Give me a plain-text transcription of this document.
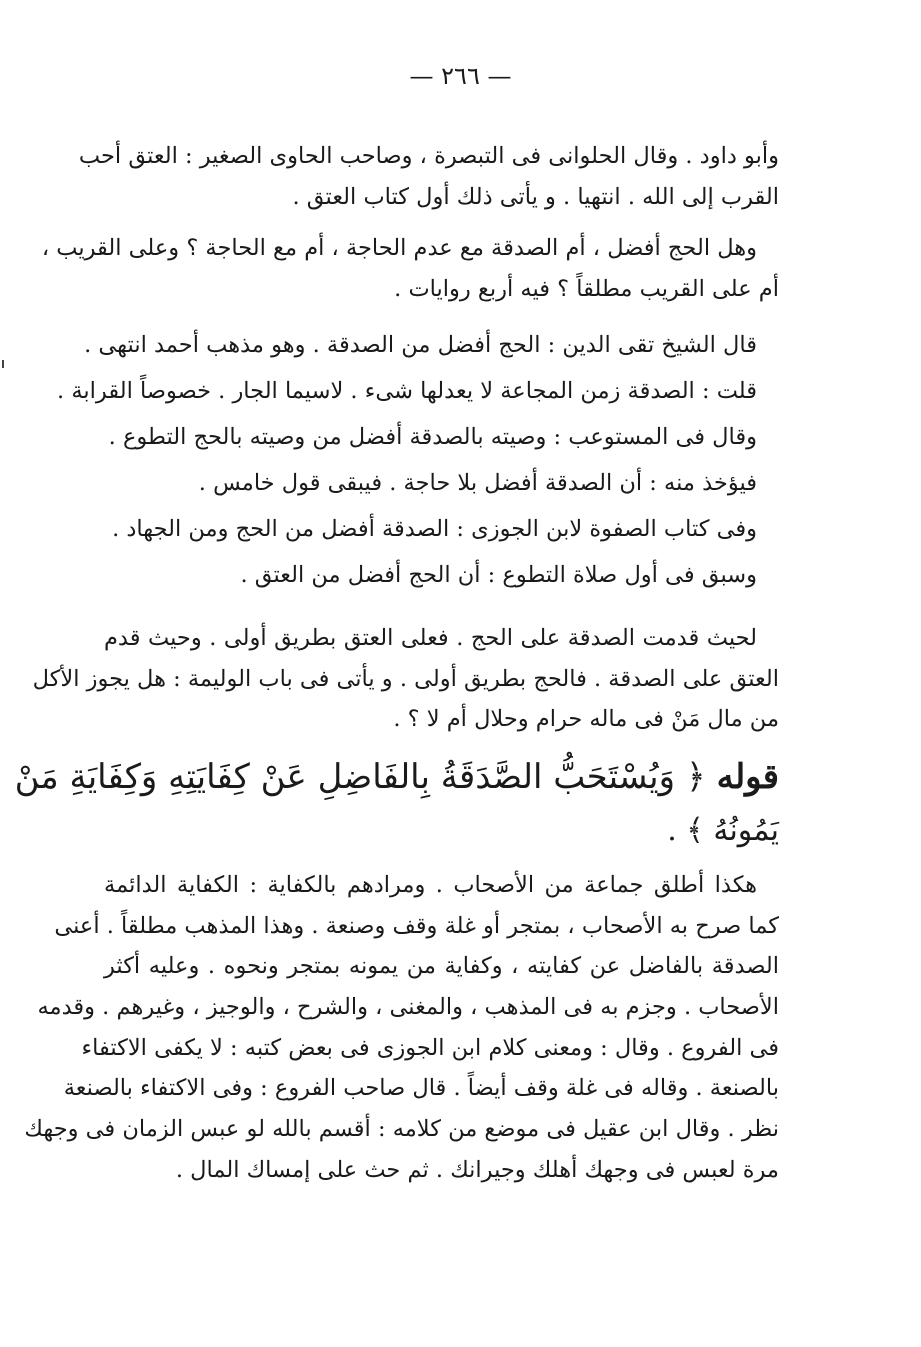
— ٢٦٦ —
وأبو داود . وقال الحلوانى فى التبصرة ، وصاحب الحاوى الصغير : العتق أحب
القرب إلى الله . انتهيا . و يأتى ذلك أول كتاب العتق .
وهل الحج أفضل ، أم الصدقة مع عدم الحاجة ، أم مع الحاجة ؟ وعلى القريب ،
أم على القريب مطلقاً ؟ فيه أربع روايات .
قال الشيخ تقى الدين : الحج أفضل من الصدقة . وهو مذهب أحمد انتهى .
قلت : الصدقة زمن المجاعة لا يعدلها شىء . لاسيما الجار . خصوصاً القرابة .
وقال فى المستوعب : وصيته بالصدقة أفضل من وصيته بالحج التطوع .
فيؤخذ منه : أن الصدقة أفضل بلا حاجة . فيبقى قول خامس .
وفى كتاب الصفوة لابن الجوزى : الصدقة أفضل من الحج ومن الجهاد .
وسبق فى أول صلاة التطوع : أن الحج أفضل من العتق .
لحيث قدمت الصدقة على الحج . فعلى العتق بطريق أولى . وحيث قدم
العتق على الصدقة . فالحج بطريق أولى . و يأتى فى باب الوليمة : هل يجوز الأكل
من مال مَنْ فى ماله حرام وحلال أم لا ؟ .
قوله ﴿ وَيُسْتَحَبُّ الصَّدَقَةُ بِالفَاضِلِ عَنْ كِفَايَتِهِ وَكِفَايَةِ مَنْ
يَمُونُهُ ﴾ .
هكذا أطلق جماعة من الأصحاب . ومرادهم بالكفاية : الكفاية الدائمة
كما صرح به الأصحاب ، بمتجر أو غلة وقف وصنعة . وهذا المذهب مطلقاً . أعنى
الصدقة بالفاضل عن كفايته ، وكفاية من يمونه بمتجر ونحوه . وعليه أكثر
الأصحاب . وجزم به فى المذهب ، والمغنى ، والشرح ، والوجيز ، وغيرهم . وقدمه
فى الفروع . وقال : ومعنى كلام ابن الجوزى فى بعض كتبه : لا يكفى الاكتفاء
بالصنعة . وقاله فى غلة وقف أيضاً . قال صاحب الفروع : وفى الاكتفاء بالصنعة
نظر . وقال ابن عقيل فى موضع من كلامه : أقسم بالله لو عبس الزمان فى وجهك
مرة لعبس فى وجهك أهلك وجيرانك . ثم حث على إمساك المال .
